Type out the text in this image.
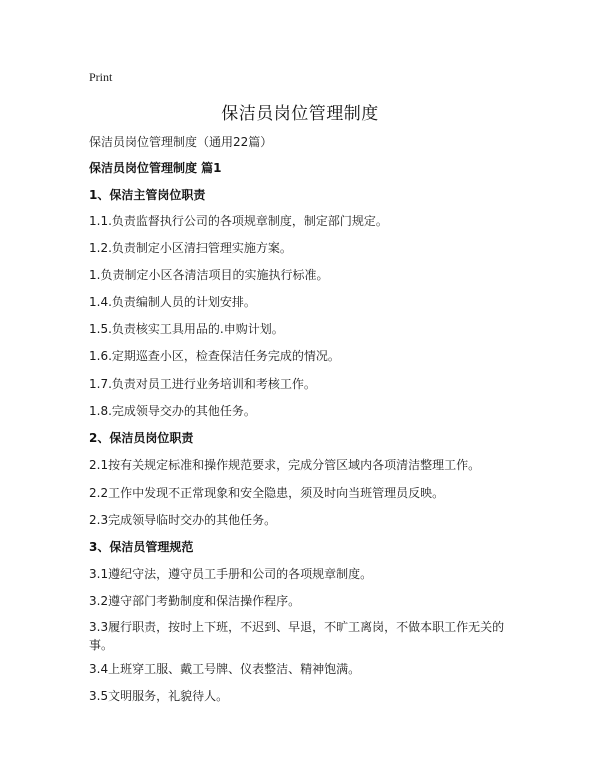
Print
保洁员岗位管理制度
保洁员岗位管理制度（通用22篇）
保洁员岗位管理制度 篇1
1、保洁主管岗位职责
1.1.负责监督执行公司的各项规章制度，制定部门规定。
1.2.负责制定小区清扫管理实施方案。
1.负责制定小区各清洁项目的实施执行标准。
1.4.负责编制人员的计划安排。
1.5.负责核实工具用品的.申购计划。
1.6.定期巡查小区，检查保洁任务完成的情况。
1.7.负责对员工进行业务培训和考核工作。
1.8.完成领导交办的其他任务。
2、保洁员岗位职责
2.1按有关规定标准和操作规范要求，完成分管区域内各项清洁整理工作。
2.2工作中发现不正常现象和安全隐患，须及时向当班管理员反映。
2.3完成领导临时交办的其他任务。
3、保洁员管理规范
3.1遵纪守法，遵守员工手册和公司的各项规章制度。
3.2遵守部门考勤制度和保洁操作程序。
3.3履行职责，按时上下班，不迟到、早退，不旷工离岗，不做本职工作无关的事。
3.4上班穿工服、戴工号牌、仪表整洁、精神饱满。
3.5文明服务，礼貌待人。
